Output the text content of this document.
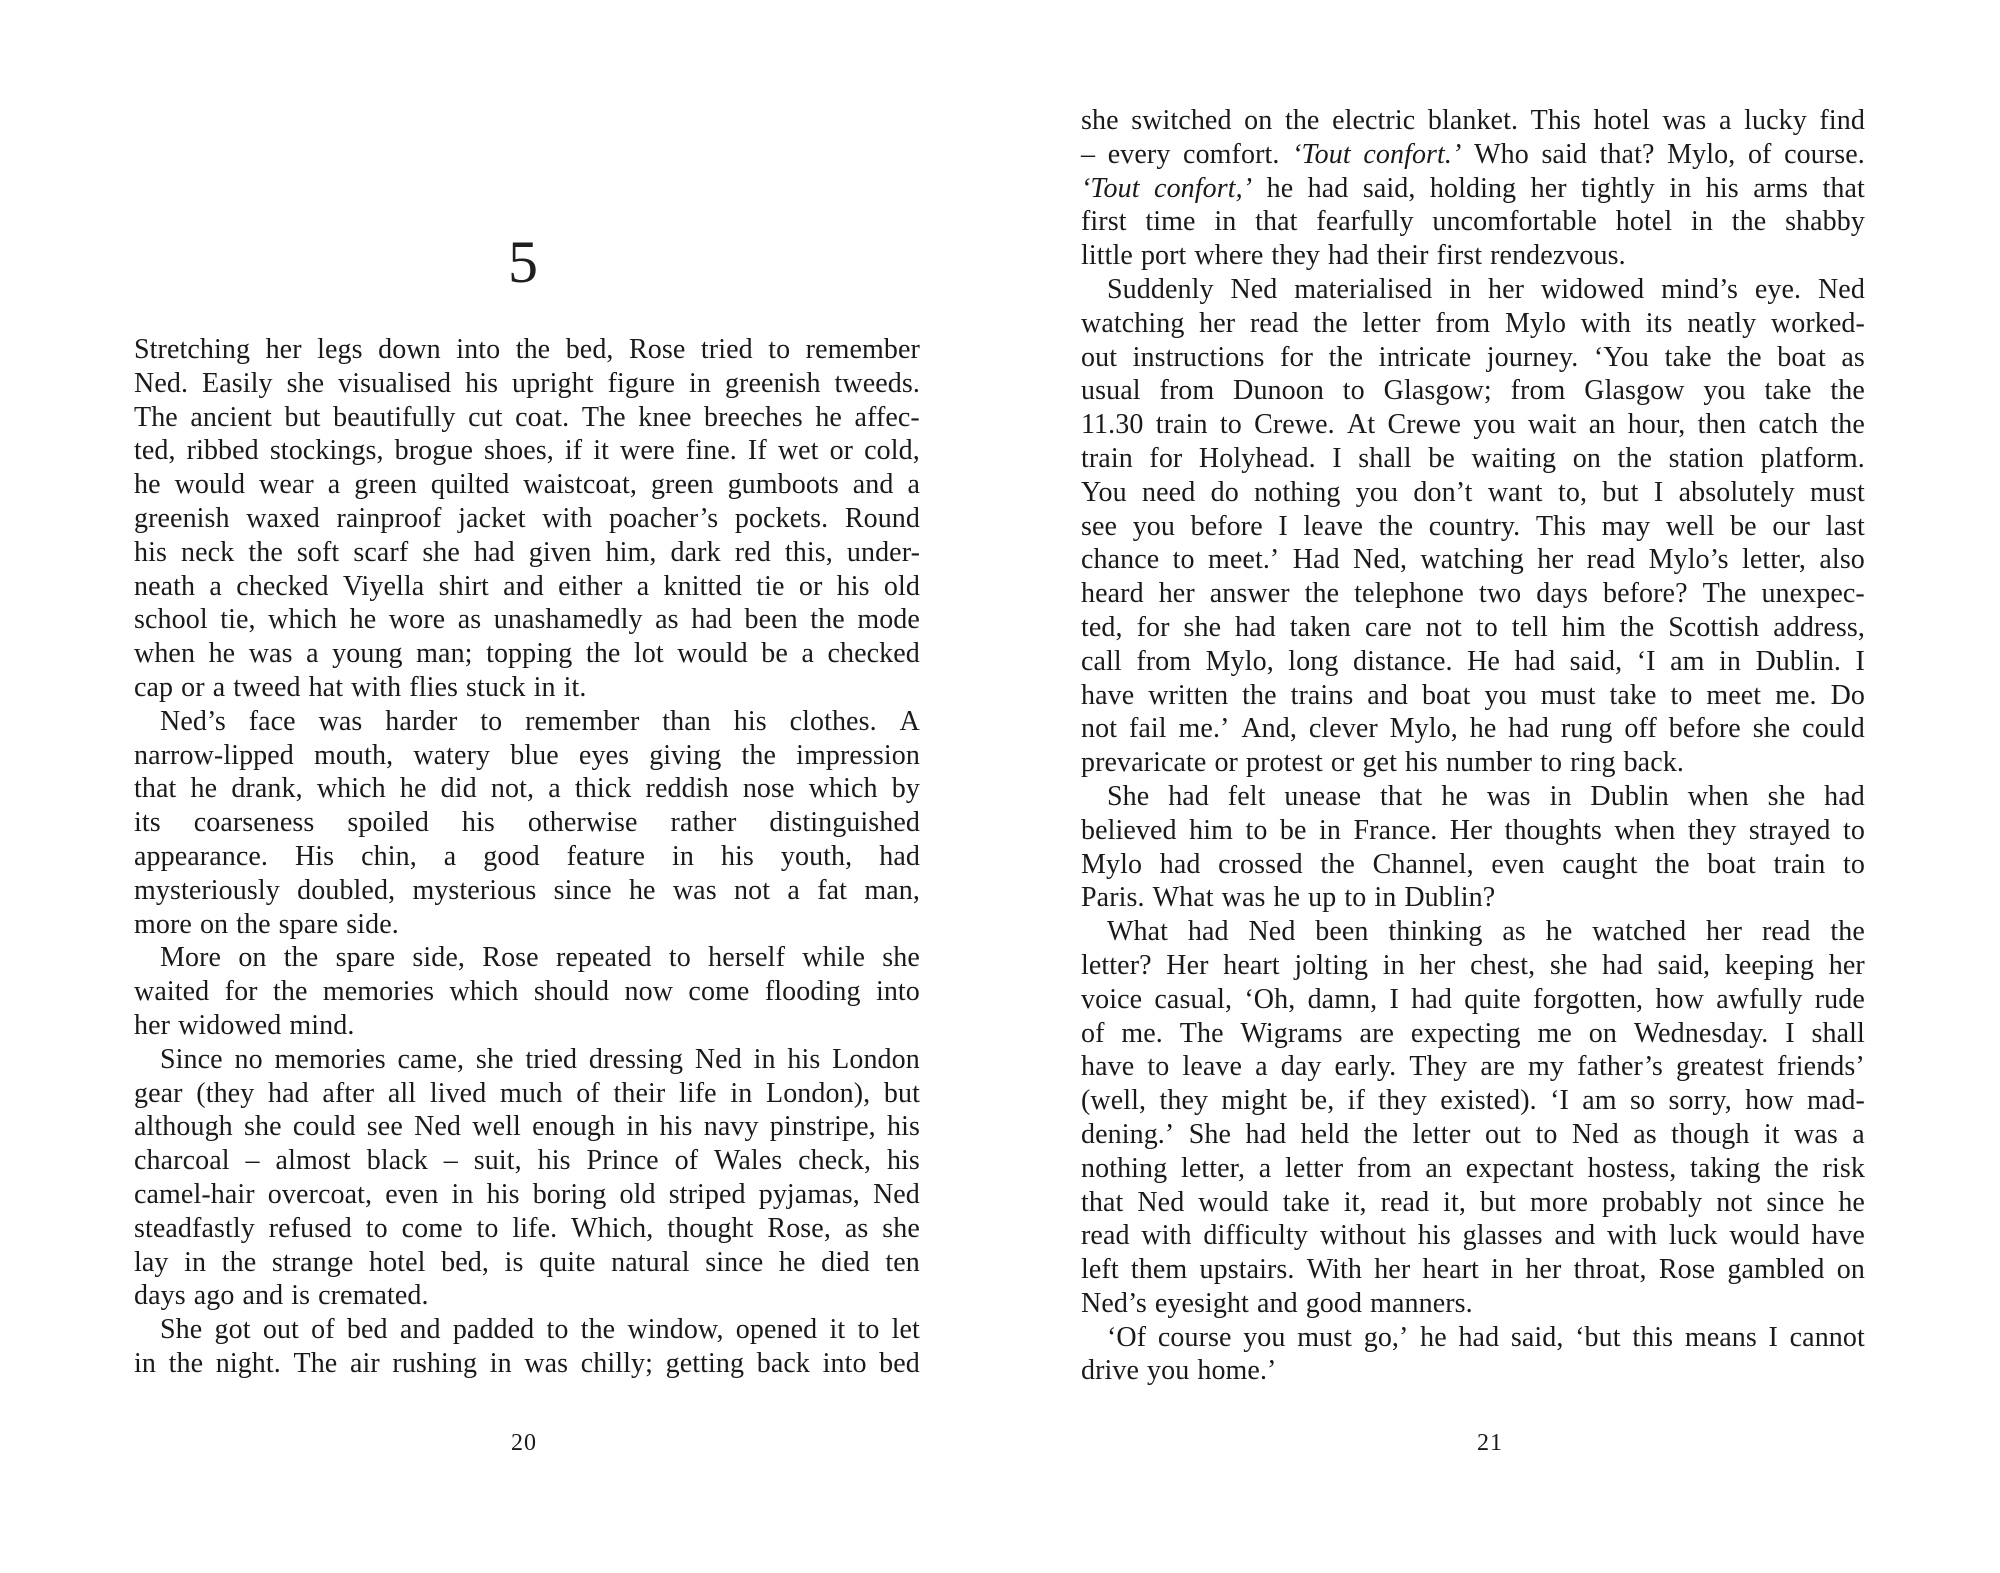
5
Stretching her legs down into the bed, Rose tried to remember
Ned. Easily she visualised his upright figure in greenish tweeds.
The ancient but beautifully cut coat. The knee breeches he affec-
ted, ribbed stockings, brogue shoes, if it were fine. If wet or cold,
he would wear a green quilted waistcoat, green gumboots and a
greenish waxed rainproof jacket with poacher’s pockets. Round
his neck the soft scarf she had given him, dark red this, under-
neath a checked Viyella shirt and either a knitted tie or his old
school tie, which he wore as unashamedly as had been the mode
when he was a young man; topping the lot would be a checked
cap or a tweed hat with flies stuck in it.
Ned’s face was harder to remember than his clothes. A
narrow-lipped mouth, watery blue eyes giving the impression
that he drank, which he did not, a thick reddish nose which by
its coarseness spoiled his otherwise rather distinguished
appearance. His chin, a good feature in his youth, had
mysteriously doubled, mysterious since he was not a fat man,
more on the spare side.
More on the spare side, Rose repeated to herself while she
waited for the memories which should now come flooding into
her widowed mind.
Since no memories came, she tried dressing Ned in his London
gear (they had after all lived much of their life in London), but
although she could see Ned well enough in his navy pinstripe, his
charcoal – almost black – suit, his Prince of Wales check, his
camel-hair overcoat, even in his boring old striped pyjamas, Ned
steadfastly refused to come to life. Which, thought Rose, as she
lay in the strange hotel bed, is quite natural since he died ten
days ago and is cremated.
She got out of bed and padded to the window, opened it to let
in the night. The air rushing in was chilly; getting back into bed
20
she switched on the electric blanket. This hotel was a lucky find
– every comfort. ‘Tout confort.’ Who said that? Mylo, of course.
‘Tout confort,’ he had said, holding her tightly in his arms that
first time in that fearfully uncomfortable hotel in the shabby
little port where they had their first rendezvous.
Suddenly Ned materialised in her widowed mind’s eye. Ned
watching her read the letter from Mylo with its neatly worked-
out instructions for the intricate journey. ‘You take the boat as
usual from Dunoon to Glasgow; from Glasgow you take the
11.30 train to Crewe. At Crewe you wait an hour, then catch the
train for Holyhead. I shall be waiting on the station platform.
You need do nothing you don’t want to, but I absolutely must
see you before I leave the country. This may well be our last
chance to meet.’ Had Ned, watching her read Mylo’s letter, also
heard her answer the telephone two days before? The unexpec-
ted, for she had taken care not to tell him the Scottish address,
call from Mylo, long distance. He had said, ‘I am in Dublin. I
have written the trains and boat you must take to meet me. Do
not fail me.’ And, clever Mylo, he had rung off before she could
prevaricate or protest or get his number to ring back.
She had felt unease that he was in Dublin when she had
believed him to be in France. Her thoughts when they strayed to
Mylo had crossed the Channel, even caught the boat train to
Paris. What was he up to in Dublin?
What had Ned been thinking as he watched her read the
letter? Her heart jolting in her chest, she had said, keeping her
voice casual, ‘Oh, damn, I had quite forgotten, how awfully rude
of me. The Wigrams are expecting me on Wednesday. I shall
have to leave a day early. They are my father’s greatest friends’
(well, they might be, if they existed). ‘I am so sorry, how mad-
dening.’ She had held the letter out to Ned as though it was a
nothing letter, a letter from an expectant hostess, taking the risk
that Ned would take it, read it, but more probably not since he
read with difficulty without his glasses and with luck would have
left them upstairs. With her heart in her throat, Rose gambled on
Ned’s eyesight and good manners.
‘Of course you must go,’ he had said, ‘but this means I cannot
drive you home.’
21
